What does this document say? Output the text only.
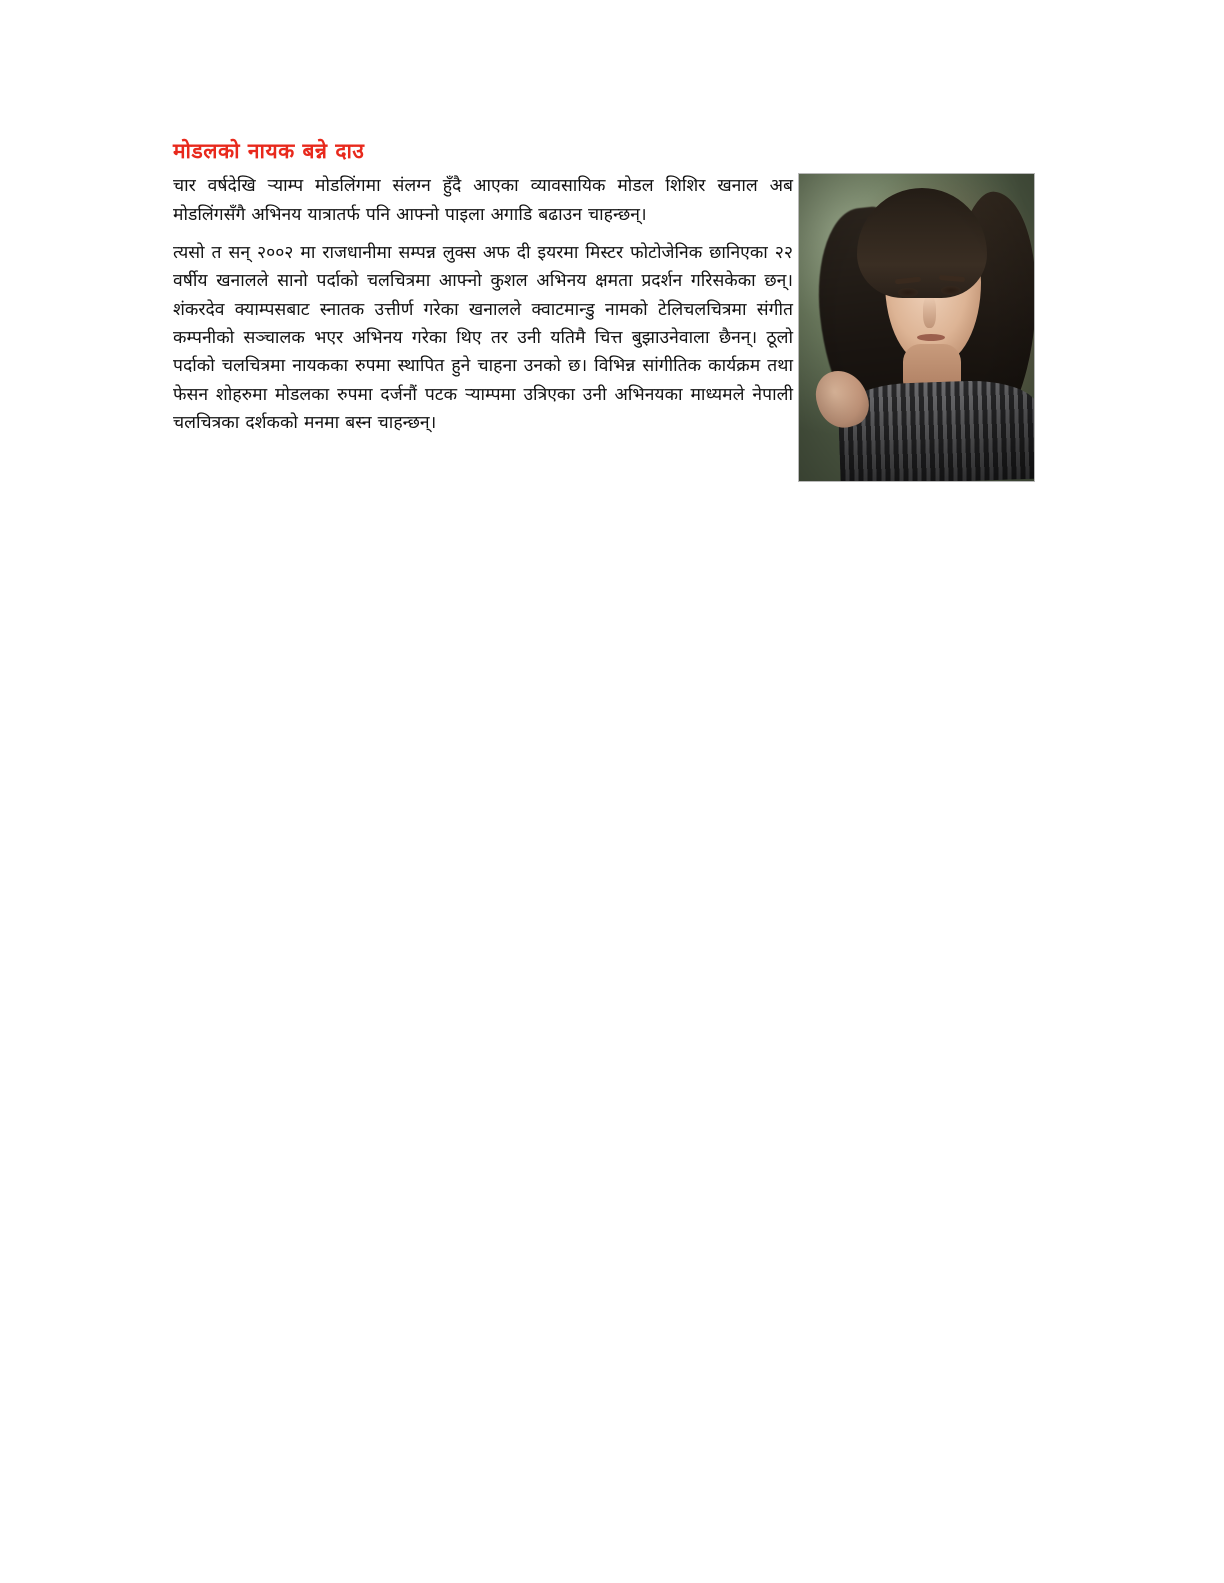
मोडलको नायक बन्ने दाउ

चार वर्षदेखि र्‍याम्प मोडलिंगमा संलग्न हुँदै आएका व्यावसायिक मोडल शिशिर खनाल अब मोडलिंगसँगै अभिनय यात्रातर्फ पनि आफ्नो पाइला अगाडि बढाउन चाहन्छन्।

त्यसो त सन् २००२ मा राजधानीमा सम्पन्न लुक्स अफ दी इयरमा मिस्टर फोटोजेनिक छानिएका २२ वर्षीय खनालले सानो पर्दाको चलचित्रमा आफ्नो कुशल अभिनय क्षमता प्रदर्शन गरिसकेका छन्। शंकरदेव क्याम्पसबाट स्नातक उत्तीर्ण गरेका खनालले क्वाटमान्डु नामको टेलिचलचित्रमा संगीत कम्पनीको सञ्चालक भएर अभिनय गरेका थिए तर उनी यतिमै चित्त बुझाउनेवाला छैनन्। ठूलो पर्दाको चलचित्रमा नायकका रुपमा स्थापित हुने चाहना उनको छ। विभिन्न सांगीतिक कार्यक्रम तथा फेसन शोहरुमा मोडलका रुपमा दर्जनौं पटक र्‍याम्पमा उत्रिएका उनी अभिनयका माध्यमले नेपाली चलचित्रका दर्शकको मनमा बस्न चाहन्छन्।
